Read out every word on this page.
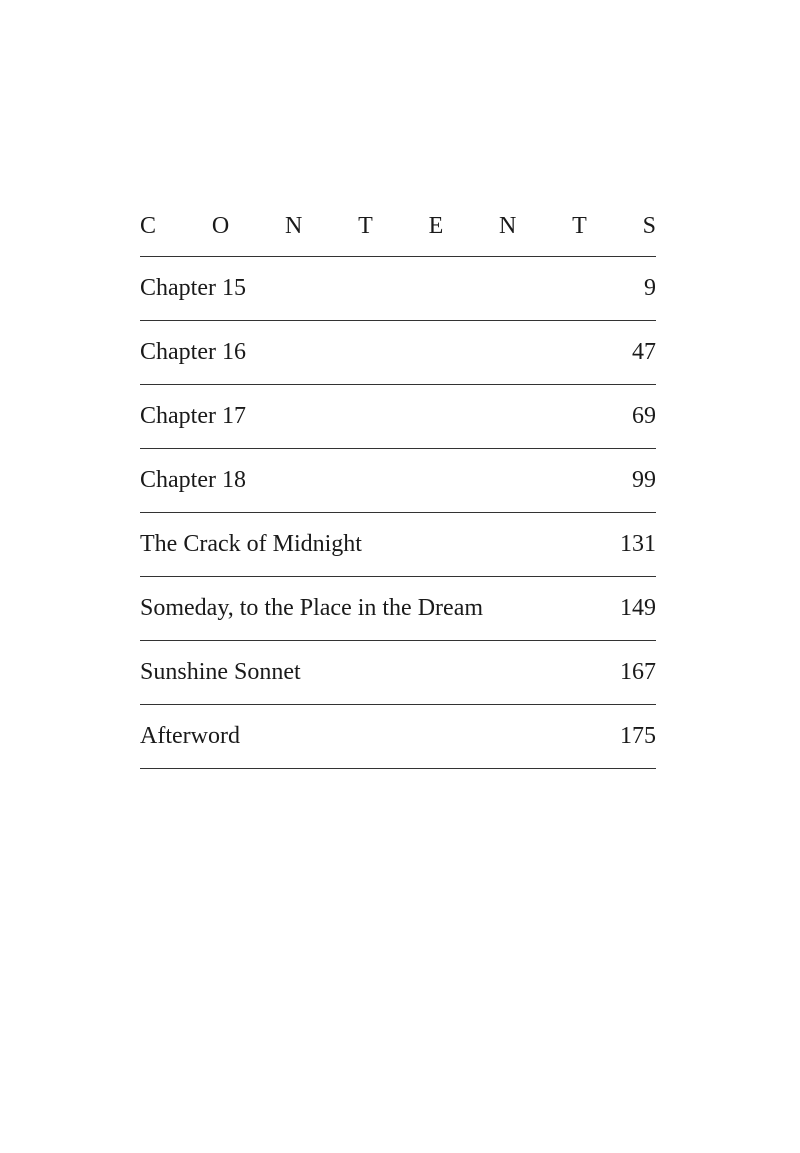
C O N T E N T S
Chapter 15	9
Chapter 16	47
Chapter 17	69
Chapter 18	99
The Crack of Midnight	131
Someday, to the Place in the Dream	149
Sunshine Sonnet	167
Afterword	175
